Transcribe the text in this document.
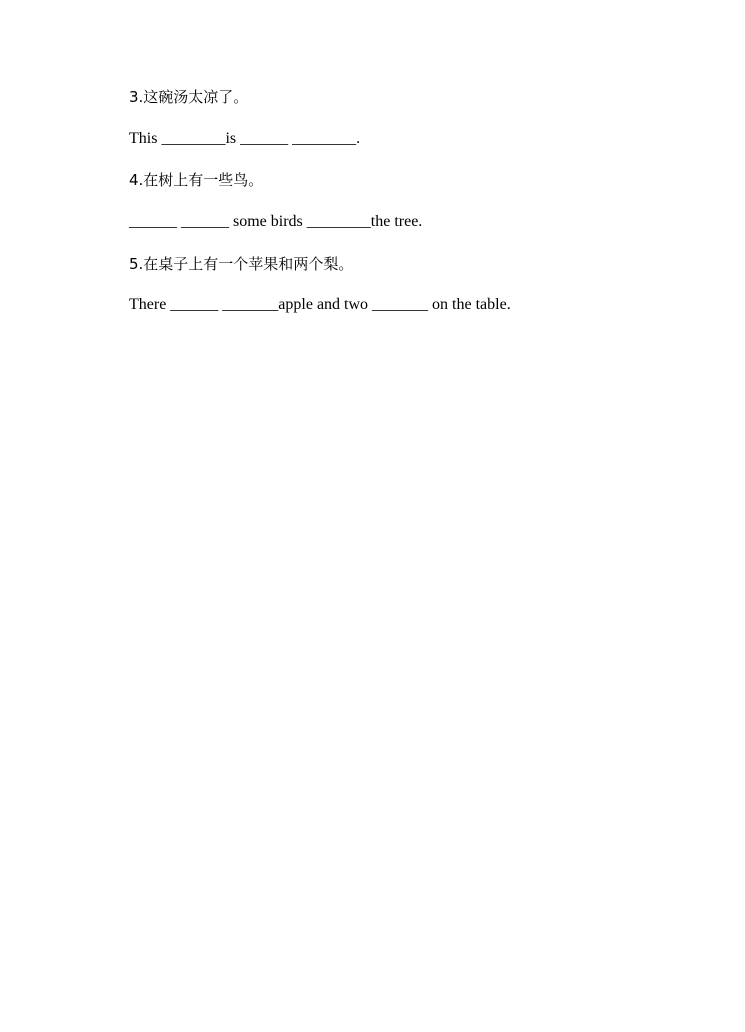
3.这碗汤太凉了。
This ________is ______ ________.
4.在树上有一些鸟。
______ ______ some birds ________the tree.
5.在桌子上有一个苹果和两个梨。
There ______ _______apple and two _______ on the table.
